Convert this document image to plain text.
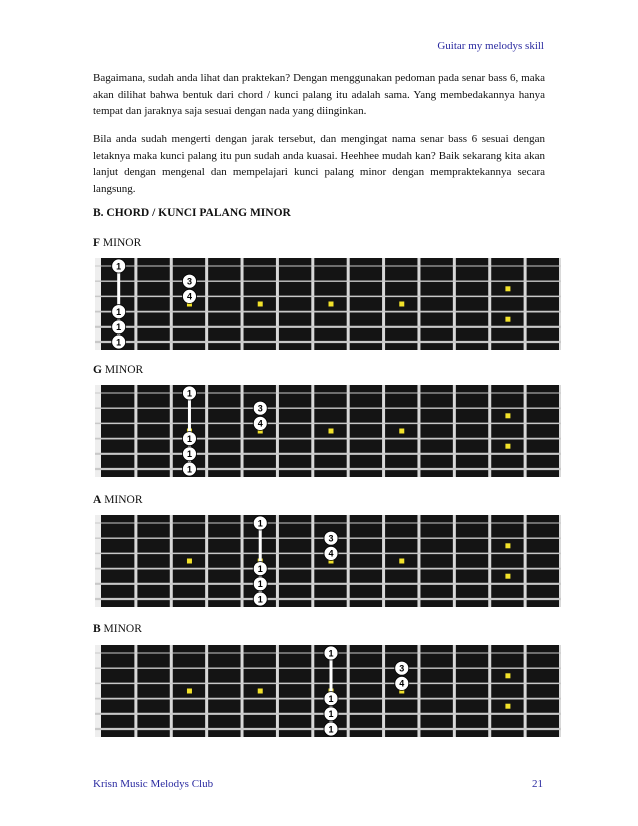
Guitar my melodys skill
Bagaimana, sudah anda lihat dan praktekan? Dengan menggunakan pedoman pada senar bass 6, maka akan dilihat bahwa bentuk dari chord / kunci palang itu adalah sama. Yang membedakannya hanya tempat dan jaraknya saja sesuai dengan nada yang diinginkan.
Bila anda sudah mengerti dengan jarak tersebut, dan mengingat nama senar bass 6 sesuai dengan letaknya maka kunci palang itu pun sudah anda kuasai. Heehhee mudah kan? Baik sekarang kita akan lanjut dengan mengenal dan mempelajari kunci palang minor dengan mempraktekannya secara langsung.
B. CHORD / KUNCI PALANG MINOR
F MINOR
1
3
4
1
1
1
G MINOR
1
3
4
1
1
1
A MINOR
1
3
4
1
1
1
B MINOR
1
3
4
1
1
1
Krisn Music Melodys Club	21
